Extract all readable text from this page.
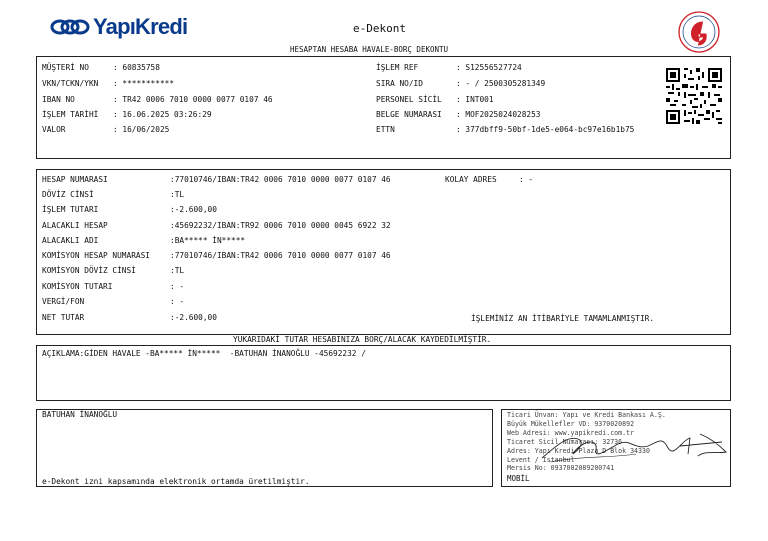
YapıKredi	e-Dekont
HESAPTAN HESABA HAVALE-BORÇ DEKONTU
MÜŞTERİ NO	: 60835758
VKN/TCKN/YKN : ***********
IBAN NO	: TR42 0006 7010 0000 0077 0107 46
İŞLEM TARİHİ : 16.06.2025 03:26:29
VALOR	: 16/06/2025
İŞLEM REF	: S12556527724
SIRA NO/ID	: - / 2500305281349
PERSONEL SİCİL : INT001
BELGE NUMARASI : MOF2025024028253
ETTN	: 377dbff9-50bf-1de5-e064-bc97e16b1b75
HESAP NUMARASI	:77010746/IBAN:TR42 0006 7010 0000 0077 0107 46
DÖVİZ CİNSİ	:TL
İŞLEM TUTARI	:-2.600,00
ALACAKLI HESAP	:45692232/IBAN:TR92 0006 7010 0000 0045 6922 32
ALACAKLI ADI	:BA***** İN*****
KOMİSYON HESAP NUMARASI	:77010746/IBAN:TR42 0006 7010 0000 0077 0107 46
KOMİSYON DÖVİZ CİNSİ	:TL
KOMİSYON TUTARI	: -
VERGİ/FON	: -
NET TUTAR	:-2.600,00
KOLAY ADRES	: -
İŞLEMİNİZ AN İTİBARİYLE TAMAMLANMIŞTIR.
YUKARIDAKİ TUTAR HESABINIZA BORÇ/ALACAK KAYDEDİLMİŞTİR.
AÇIKLAMA:GİDEN HAVALE -BA***** İN*****  -BATUHAN İNANOĞLU -45692232 /
BATUHAN İNANOĞLU
e-Dekont izni kapsamında elektronik ortamda üretilmiştir.
Ticari Ünvan: Yapı ve Kredi Bankası A.Ş.
Büyük Mükellefler VD: 9370020892
Web Adresi: www.yapikredi.com.tr
Ticaret Sicil Numarası: 32736
Adres: Yapı Kredi Plaza D Blok 34330
Levent / İstanbul
Mersis No: 0937002089200741
MOBİL
